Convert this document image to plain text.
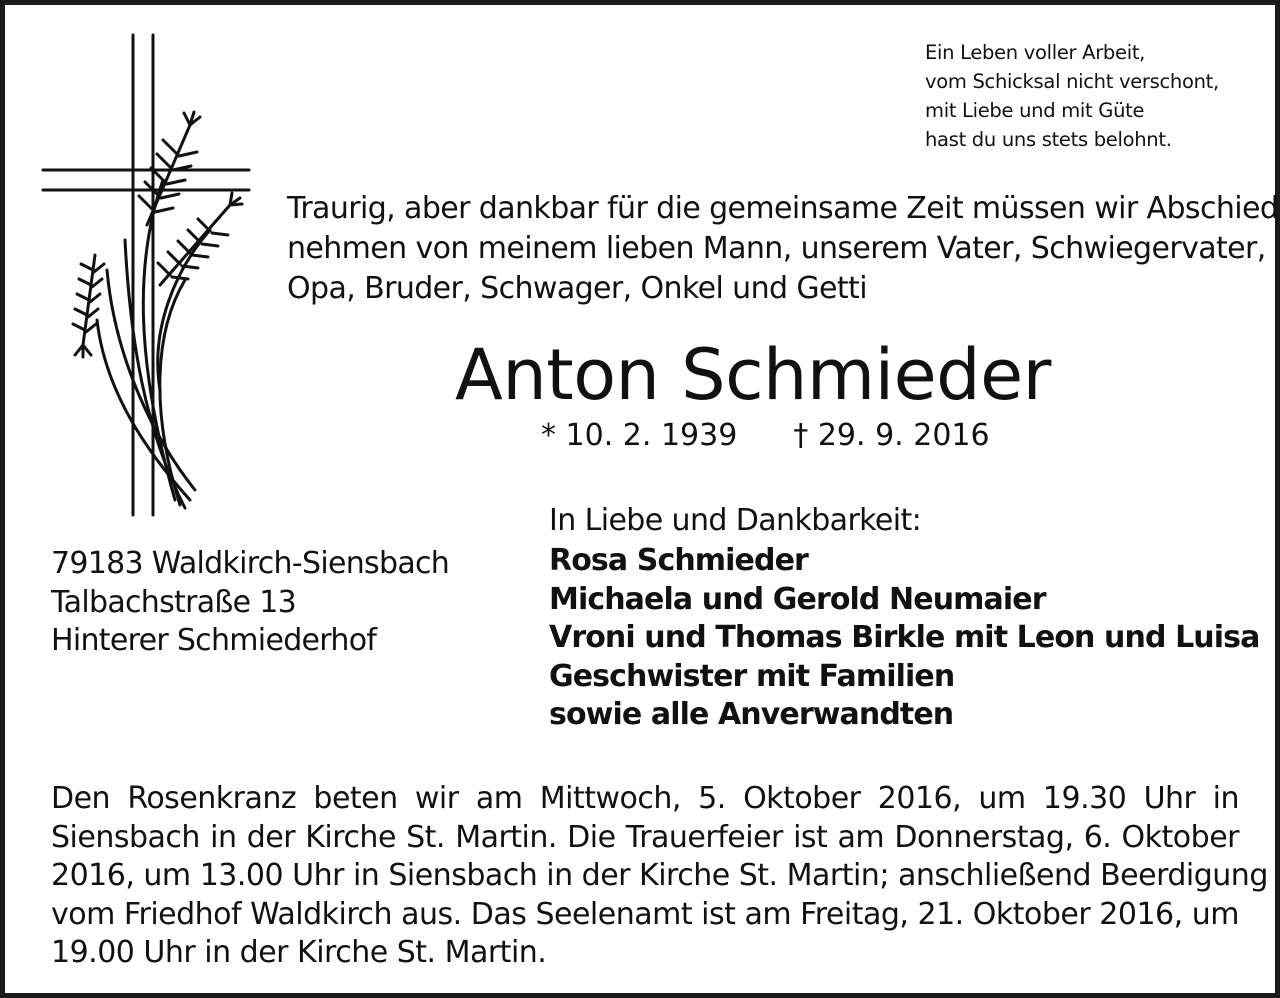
Ein Leben voller Arbeit,
vom Schicksal nicht verschont,
mit Liebe und mit Güte
hast du uns stets belohnt.
Traurig, aber dankbar für die gemeinsame Zeit müssen wir Abschied
nehmen von meinem lieben Mann, unserem Vater, Schwiegervater,
Opa, Bruder, Schwager, Onkel und Getti
Anton Schmieder
* 10. 2. 1939 † 29. 9. 2016
In Liebe und Dankbarkeit:
Rosa Schmieder
Michaela und Gerold Neumaier
Vroni und Thomas Birkle mit Leon und Luisa
Geschwister mit Familien
sowie alle Anverwandten
79183 Waldkirch-Siensbach
Talbachstraße 13
Hinterer Schmiederhof
Den Rosenkranz beten wir am Mittwoch, 5. Oktober 2016, um 19.30 Uhr in
Siensbach in der Kirche St. Martin. Die Trauerfeier ist am Donnerstag, 6. Oktober
2016, um 13.00 Uhr in Siensbach in der Kirche St. Martin; anschließend Beerdigung
vom Friedhof Waldkirch aus. Das Seelenamt ist am Freitag, 21. Oktober 2016, um
19.00 Uhr in der Kirche St. Martin.
